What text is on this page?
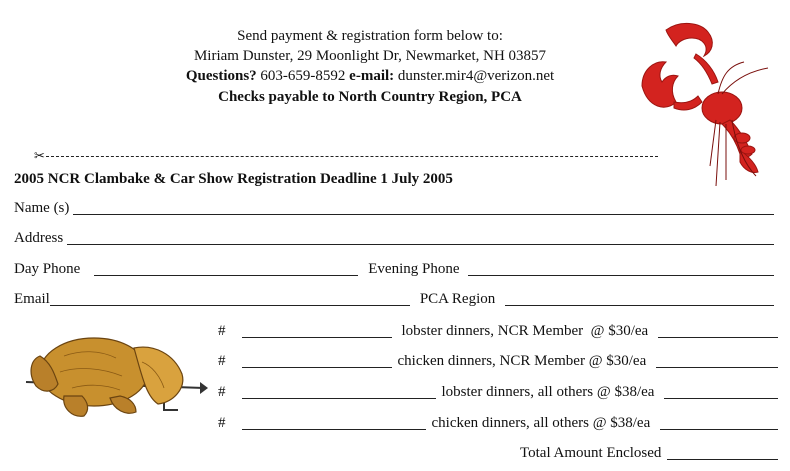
Send payment & registration form below to:
Miriam Dunster, 29 Moonlight Dr, Newmarket, NH 03857
Questions? 603-659-8592 e-mail: dunster.mir4@verizon.net
Checks payable to North Country Region, PCA
✂
2005 NCR Clambake & Car Show Registration Deadline 1 July 2005
Name (s)
Address
Day Phone	Evening Phone
Email	PCA Region
#	lobster dinners, NCR Member  @ $30/ea
#	chicken dinners, NCR Member @ $30/ea
#	lobster dinners, all others @ $38/ea
#	chicken dinners, all others @ $38/ea
Total Amount Enclosed
